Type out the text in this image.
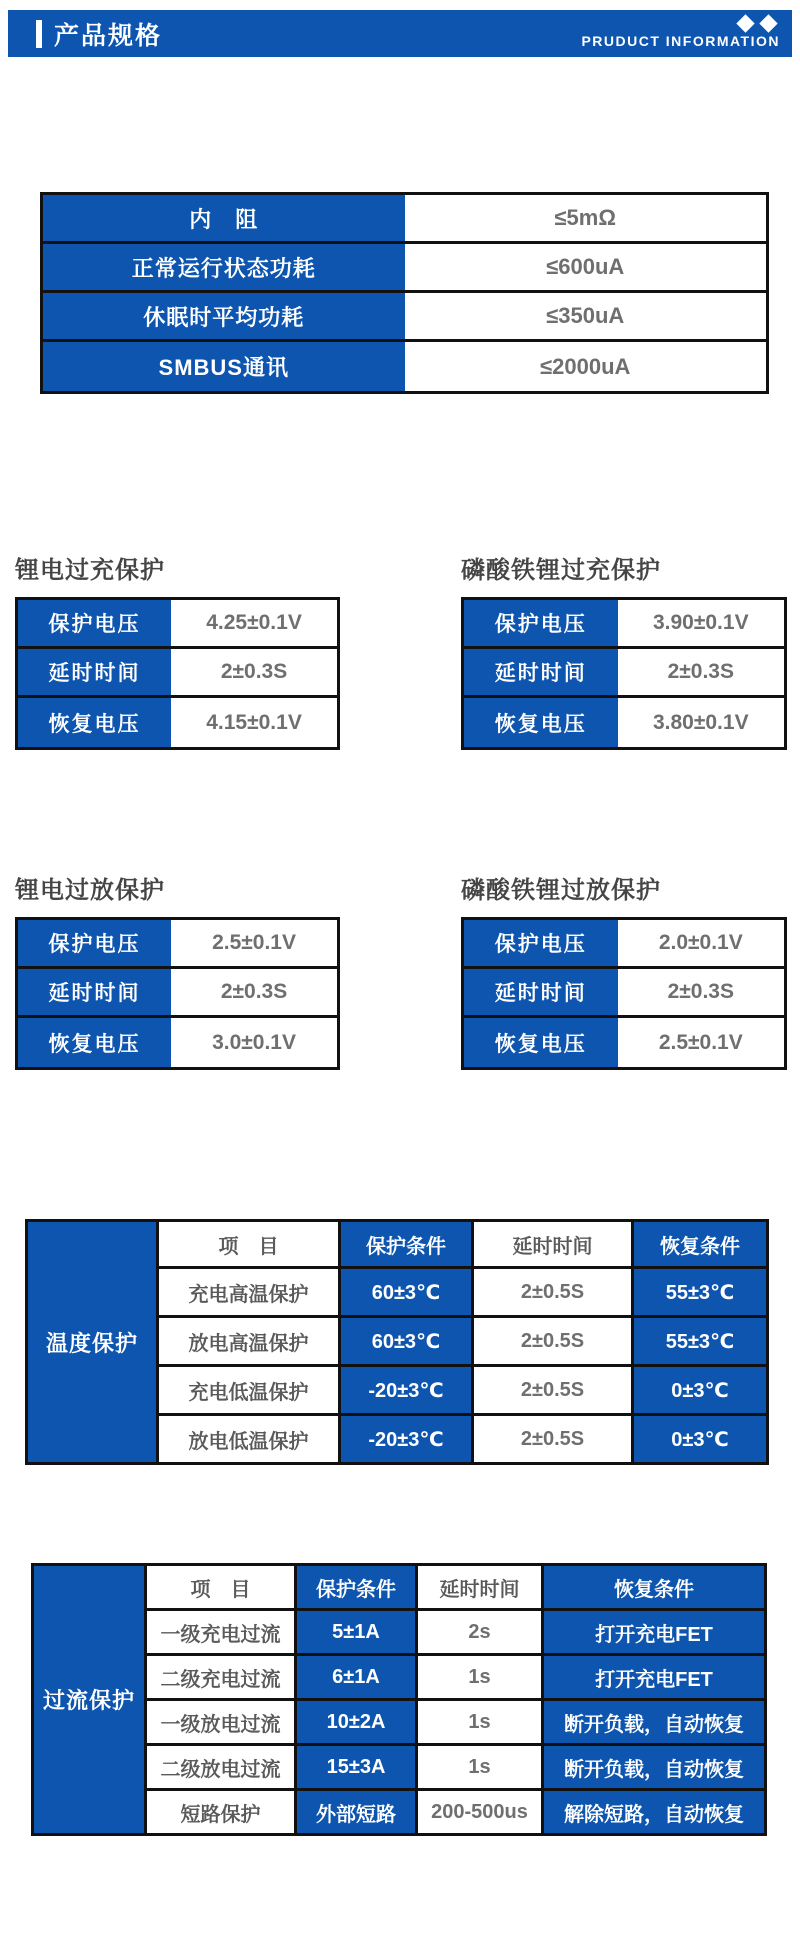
产品规格	PRUDUCT INFORMATION
内　阻	≤5mΩ
正常运行状态功耗	≤600uA
休眠时平均功耗	≤350uA
SMBUS通讯	≤2000uA
锂电过充保护
保护电压	4.25±0.1V
延时时间	2±0.3S
恢复电压	4.15±0.1V
磷酸铁锂过充保护
保护电压	3.90±0.1V
延时时间	2±0.3S
恢复电压	3.80±0.1V
锂电过放保护
保护电压	2.5±0.1V
延时时间	2±0.3S
恢复电压	3.0±0.1V
磷酸铁锂过放保护
保护电压	2.0±0.1V
延时时间	2±0.3S
恢复电压	2.5±0.1V
温度保护
项　目	保护条件	延时时间	恢复条件
充电高温保护	60±3℃	2±0.5S	55±3℃
放电高温保护	60±3℃	2±0.5S	55±3℃
充电低温保护	-20±3℃	2±0.5S	0±3℃
放电低温保护	-20±3℃	2±0.5S	0±3℃
过流保护
项　目	保护条件	延时时间	恢复条件
一级充电过流	5±1A	2s	打开充电FET
二级充电过流	6±1A	1s	打开充电FET
一级放电过流	10±2A	1s	断开负载，自动恢复
二级放电过流	15±3A	1s	断开负载，自动恢复
短路保护	外部短路	200-500us	解除短路，自动恢复
